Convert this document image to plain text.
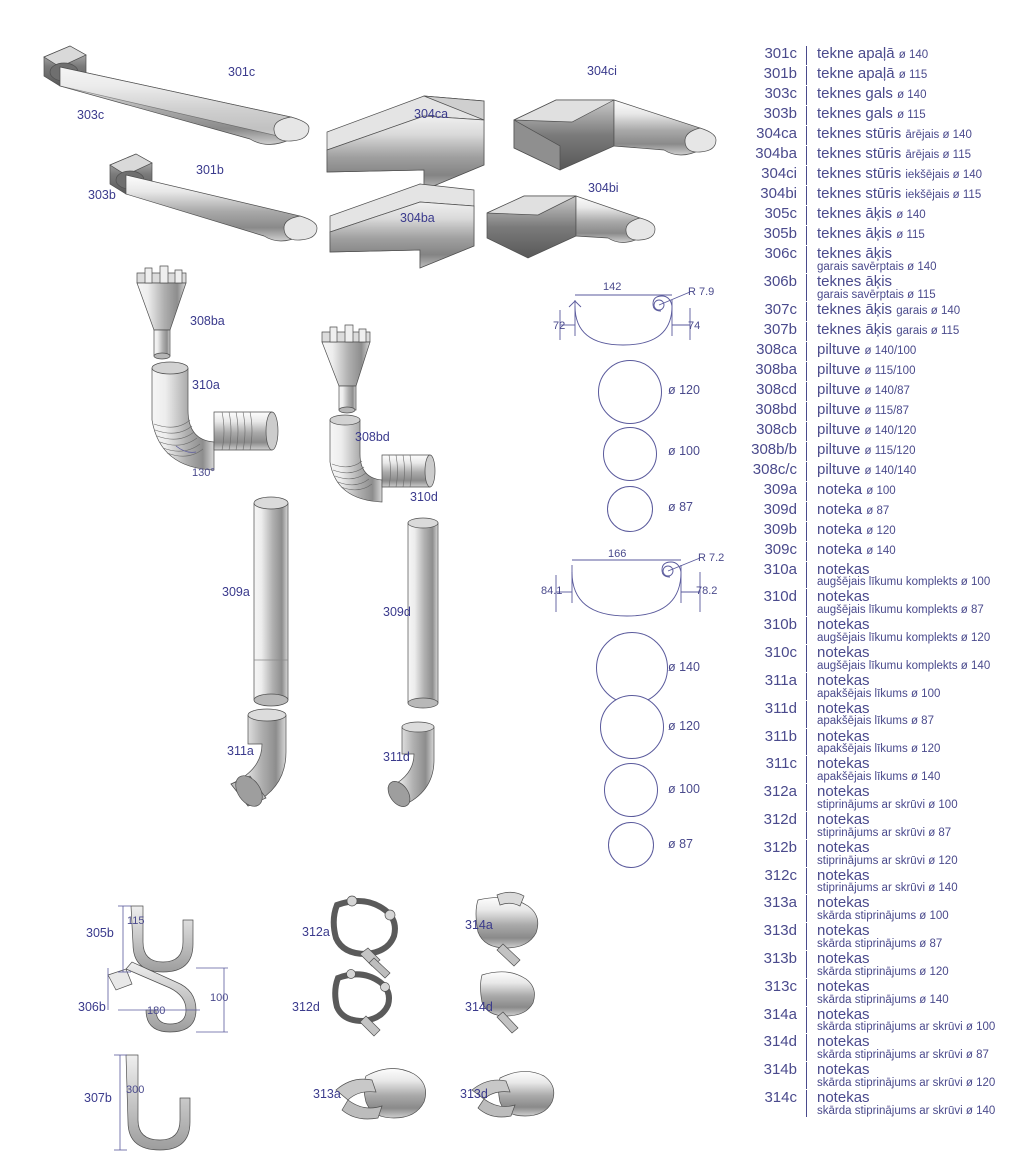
142	R 7.9
72	74
166	R 7.2
84.1	78.2
130°
115
180
100
300
ø 120
ø 100
ø 87
ø 140
ø 120
ø 100
ø 87
301c
303c	304ca
304ci
301b
303b
304ba
304bi
308ba
310a
308bd
310d
309a
309d
311a	311d
305b
306b
307b
312a
312d
313a	313d
314a
314d
301c	tekne apaļā ø 140
301b	tekne apaļā ø 115
303c	teknes gals ø 140
303b	teknes gals ø 115
304ca	teknes stūris ārējais ø 140
304ba	teknes stūris ārējais ø 115
304ci	teknes stūris iekšējais ø 140
304bi	teknes stūris iekšējais ø 115
305c	teknes āķis ø 140
305b	teknes āķis ø 115
306c	teknes āķis
garais savērptais ø 140
306b	teknes āķis
garais savērptais ø 115
307c	teknes āķis garais ø 140
307b	teknes āķis garais ø 115
308ca	piltuve ø 140/100
308ba	piltuve ø 115/100
308cd	piltuve ø 140/87
308bd	piltuve ø 115/87
308cb	piltuve ø 140/120
308b/b	piltuve ø 115/120
308c/c	piltuve ø 140/140
309a	noteka ø 100
309d	noteka ø 87
309b	noteka ø 120
309c	noteka ø 140
310a	notekas
augšējais līkumu komplekts ø 100
310d	notekas
augšējais līkumu komplekts ø 87
310b	notekas
augšējais līkumu komplekts ø 120
310c	notekas
augšējais līkumu komplekts ø 140
311a	notekas
apakšējais līkums ø 100
311d	notekas
apakšējais līkums ø 87
311b	notekas
apakšējais līkums ø 120
311c	notekas
apakšējais līkums ø 140
312a	notekas
stiprinājums ar skrūvi ø 100
312d	notekas
stiprinājums ar skrūvi ø 87
312b	notekas
stiprinājums ar skrūvi ø 120
312c	notekas
stiprinājums ar skrūvi ø 140
313a	notekas
skārda stiprinājums ø 100
313d	notekas
skārda stiprinājums ø 87
313b	notekas
skārda stiprinājums ø 120
313c	notekas
skārda stiprinājums ø 140
314a	notekas
skārda stiprinājums ar skrūvi ø 100
314d	notekas
skārda stiprinājums ar skrūvi ø 87
314b	notekas
skārda stiprinājums ar skrūvi ø 120
314c	notekas
skārda stiprinājums ar skrūvi ø 140
